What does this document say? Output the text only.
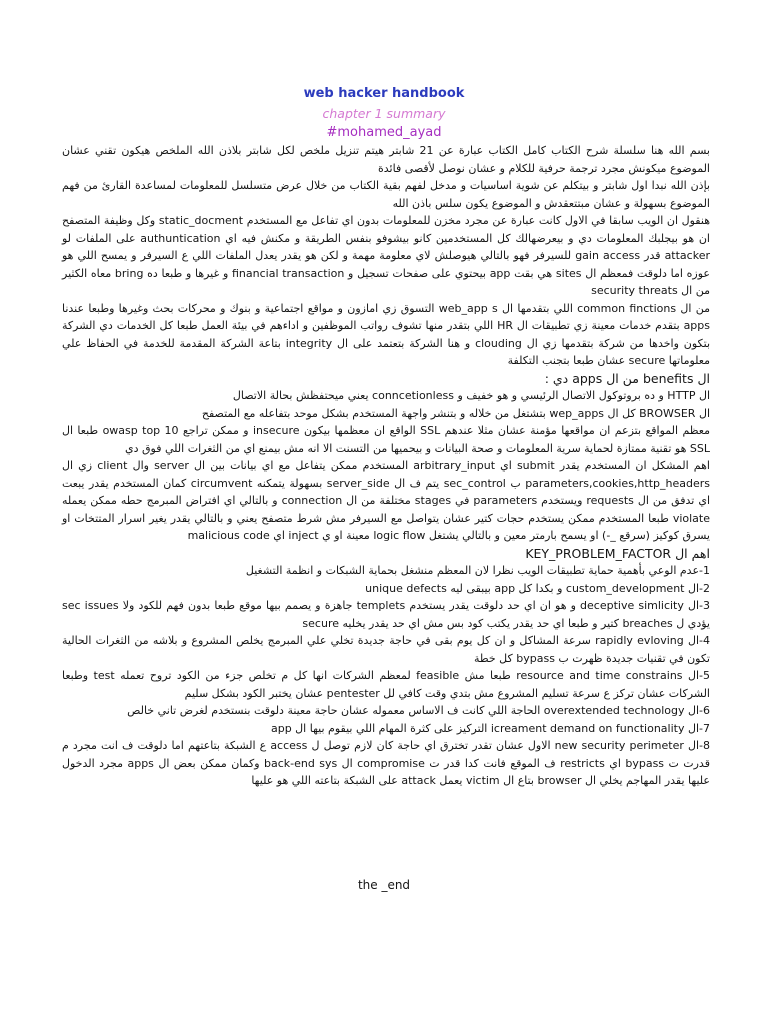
web hacker handbook
chapter 1 summary
#mohamed_ayad

بسم الله هنا سلسلة شرح الكتاب كامل الكتاب عبارة عن 21 شابتر هيتم تنزيل ملخص لكل شابتر بلاذن الله الملخص هيكون تقني عشان الموضوع ميكونش مجرد ترجمة حرفية للكلام و عشان نوصل لأقصى فائدة

بإذن الله نبدا اول شابتر و بيتكلم عن شوية اساسيات و مدخل لفهم بقية الكتاب من خلال عرض متسلسل للمعلومات لمساعدة القارئ من فهم الموضوع بسهولة و عشان مبتتعقدش و الموضوع يكون سلس باذن الله

هنقول ان الويب سابقا في الاول كانت عبارة عن مجرد مخزن للمعلومات بدون اي تفاعل مع المستخدم static_docment وكل وظيفة المتصفح ان هو بيجلبك المعلومات دي و بيعرضهالك كل المستخدمين كانو بيشوفو بنفس الطريقة و مكنش فيه اي authuntication على الملفات لو attacker قدر gain access للسيرفر فهو بالتالي هيوصلش لاي معلومة مهمة و لكن هو يقدر يعدل الملفات اللي ع السيرفر و يمسح اللي هو عوزه اما دلوقت فمعظم ال sites هي بقت app بيحتوي على صفحات تسجيل و financial transaction و غيرها و طبعا ده bring معاه الكثير من ال security threats

من ال common finctions اللي بتقدمها ال web_app s التسوق زي امازون و مواقع اجتماعية و بنوك و محركات بحث وغيرها وطبعا عندنا apps بتقدم خدمات معينة زي تطبيقات ال HR اللي بتقدر منها تشوف رواتب الموظفين و اداءهم في بيئة العمل طبعا كل الخدمات دي الشركة بتكون واخدها من شركة بتقدمها زي ال clouding و هنا الشركة بتعتمد على ال integrity بتاعة الشركة المقدمة للخدمة في الحفاظ علي معلوماتها secure عشان طبعا بتجنب التكلفة

ال benefits من ال apps دي :

ال HTTP و ده بروتوكول الاتصال الرئيسي و هو خفيف و conncetionless يعني ميحتفظش بحالة الاتصال

ال BROWSER كل ال wep_apps بتشتغل من خلاله و بتنشر واجهة المستخدم بشكل موحد بتفاعله مع المتصفح

معظم المواقع بتزعم ان مواقعها مؤمنة عشان مثلا عندهم SSL الواقع ان معظمها بيكون insecure و ممكن تراجع owasp top 10 طبعا ال SSL هو تقنية ممتازة لحماية سرية المعلومات و صحة البيانات و بيحميها من التسنت الا انه مش بيمنع اي من الثغرات اللي فوق دي

اهم المشكل ان المستخدم يقدر submit اي arbitrary_input المستخدم ممكن يتفاعل مع اي بيانات بين ال server وال client زي ال parameters,cookies,http_headers ب sec_control يتم ف ال server_side بسهولة يتمكنه circumvent كمان المستخدم يقدر يبعت اي تدفق من ال requests ويستخدم parameters في stages مختلفة من ال connection و بالتالي اي افتراض المبرمج حطه ممكن يعمله violate طبعا المستخدم ممكن يستخدم حجات كتير عشان يتواصل مع السيرفر مش شرط متصفح يعني و بالتالي يقدر يغير اسرار المتتخات او يسرق كوكيز (سرقع _-) او يسمح بارمتر معين و بالتالي يشتغل logic flow معينة او ي inject اي malicious code

اهم ال KEY_PROBLEM_FACTOR

1-عدم الوعي بأهمية حماية تطبيقات الويب نظرا لان المعظم منشغل بحماية الشبكات و انظمة التشغيل

2-ال custom_development و بكدا كل app بيبقى ليه unique defects

3-ال deceptive simlicity و هو ان اي حد دلوقت يقدر يستخدم templets جاهزة و يصمم بيها موقع طبعا بدون فهم للكود ولا sec issues يؤدي ل breaches كتير و طبعا اي حد يقدر يكتب كود بس مش اي حد يقدر يخليه secure

4-ال rapidly evloving سرعة المشاكل و ان كل يوم بقى في حاجة جديدة تخلي علي المبرمج يخلص المشروع و بلاشه من الثغرات الحالية تكون في تقنيات جديدة ظهرت ب bypass كل خطة

5-ال resource and time constrains طبعا مش feasible لمعظم الشركات انها كل م تخلص جزء من الكود تروح تعمله test وطبعا الشركات عشان تركز ع سرعة تسليم المشروع مش بتدي وقت كافي لل pentester عشان يختبر الكود بشكل سليم

6-ال overextended technology الحاجة اللي كانت ف الاساس معموله عشان حاجة معينة دلوقت بنستخدم لغرض تاني خالص

7-ال icreament demand on functionality التركيز على كثرة المهام اللي بيقوم بيها ال app

8-ال new security perimeter الاول عشان تقدر تخترق اي حاجة كان لازم توصل ل access ع الشبكة بتاعتهم اما دلوقت ف انت مجرد م قدرت ت bypass اي restricts ف الموقع فانت كدا قدر ت compromise ال back-end sys وكمان ممكن بعض ال apps مجرد الدخول عليها يقدر المهاجم يخلي ال browser بتاع ال victim يعمل attack على الشبكة بتاعته اللي هو عليها

the _end
